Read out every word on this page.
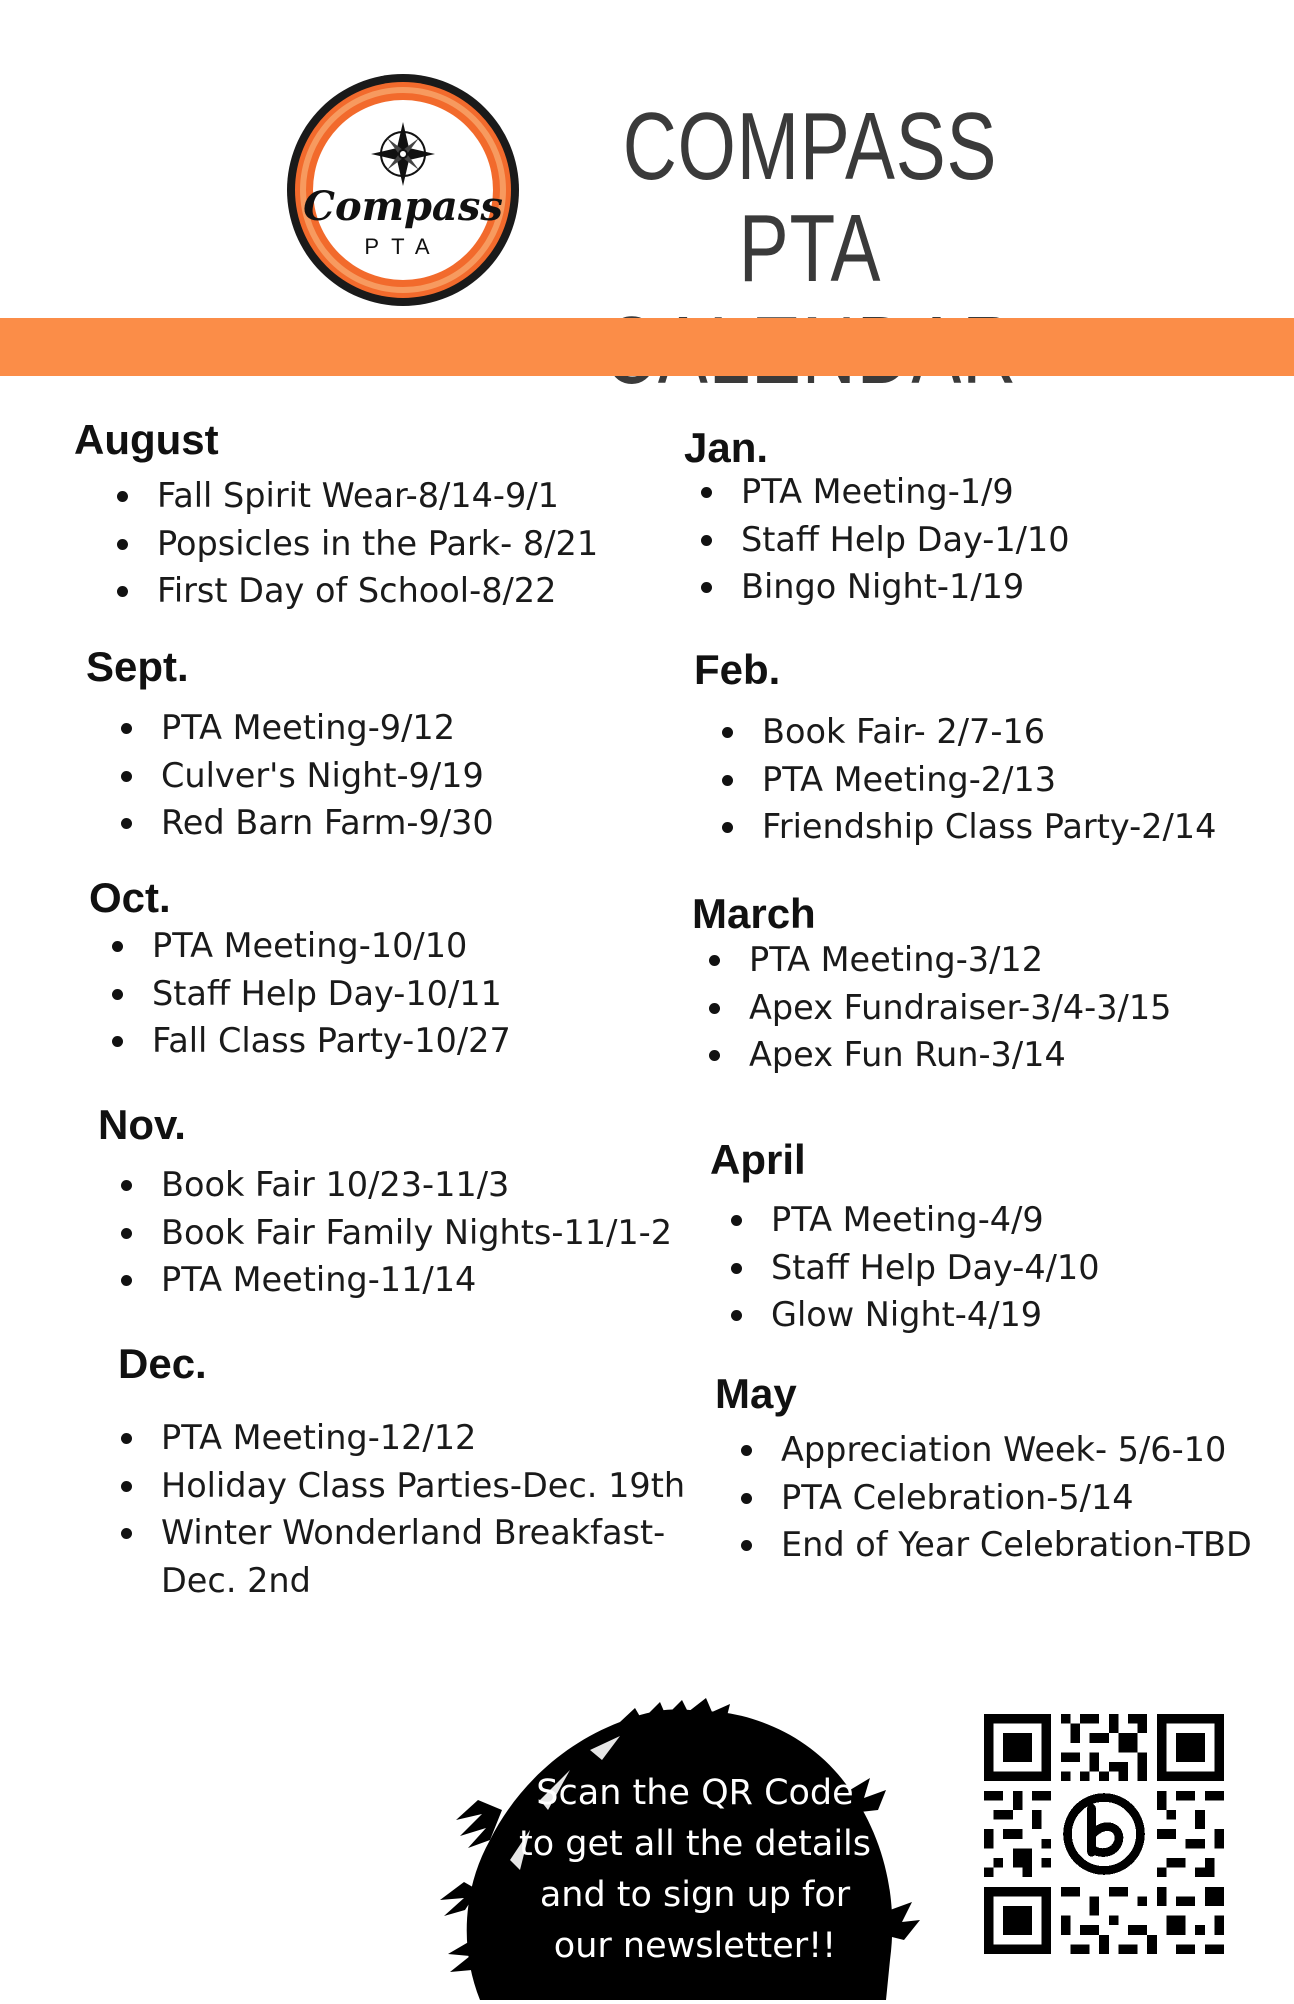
Compass
PTA
COMPASS PTA
August
Fall Spirit Wear-8/14-9/1
Popsicles in the Park- 8/21
First Day of School-8/22
Sept.
PTA Meeting-9/12
Culver's Night-9/19
Red Barn Farm-9/30
Oct.
PTA Meeting-10/10
Staff Help Day-10/11
Fall Class Party-10/27
Nov.
Book Fair 10/23-11/3
Book Fair Family Nights-11/1-2
PTA Meeting-11/14
Dec.
PTA Meeting-12/12
Holiday Class Parties-Dec. 19th
Winter Wonderland Breakfast-Dec. 2nd
Jan.
PTA Meeting-1/9
Staff Help Day-1/10
Bingo Night-1/19
Feb.
Book Fair- 2/7-16
PTA Meeting-2/13
Friendship Class Party-2/14
March
PTA Meeting-3/12
Apex Fundraiser-3/4-3/15
Apex Fun Run-3/14
April
PTA Meeting-4/9
Staff Help Day-4/10
Glow Night-4/19
May
Appreciation Week- 5/6-10
PTA Celebration-5/14
End of Year Celebration-TBD
Scan the QR Code
to get all the details
and to sign up for
our newsletter!!
